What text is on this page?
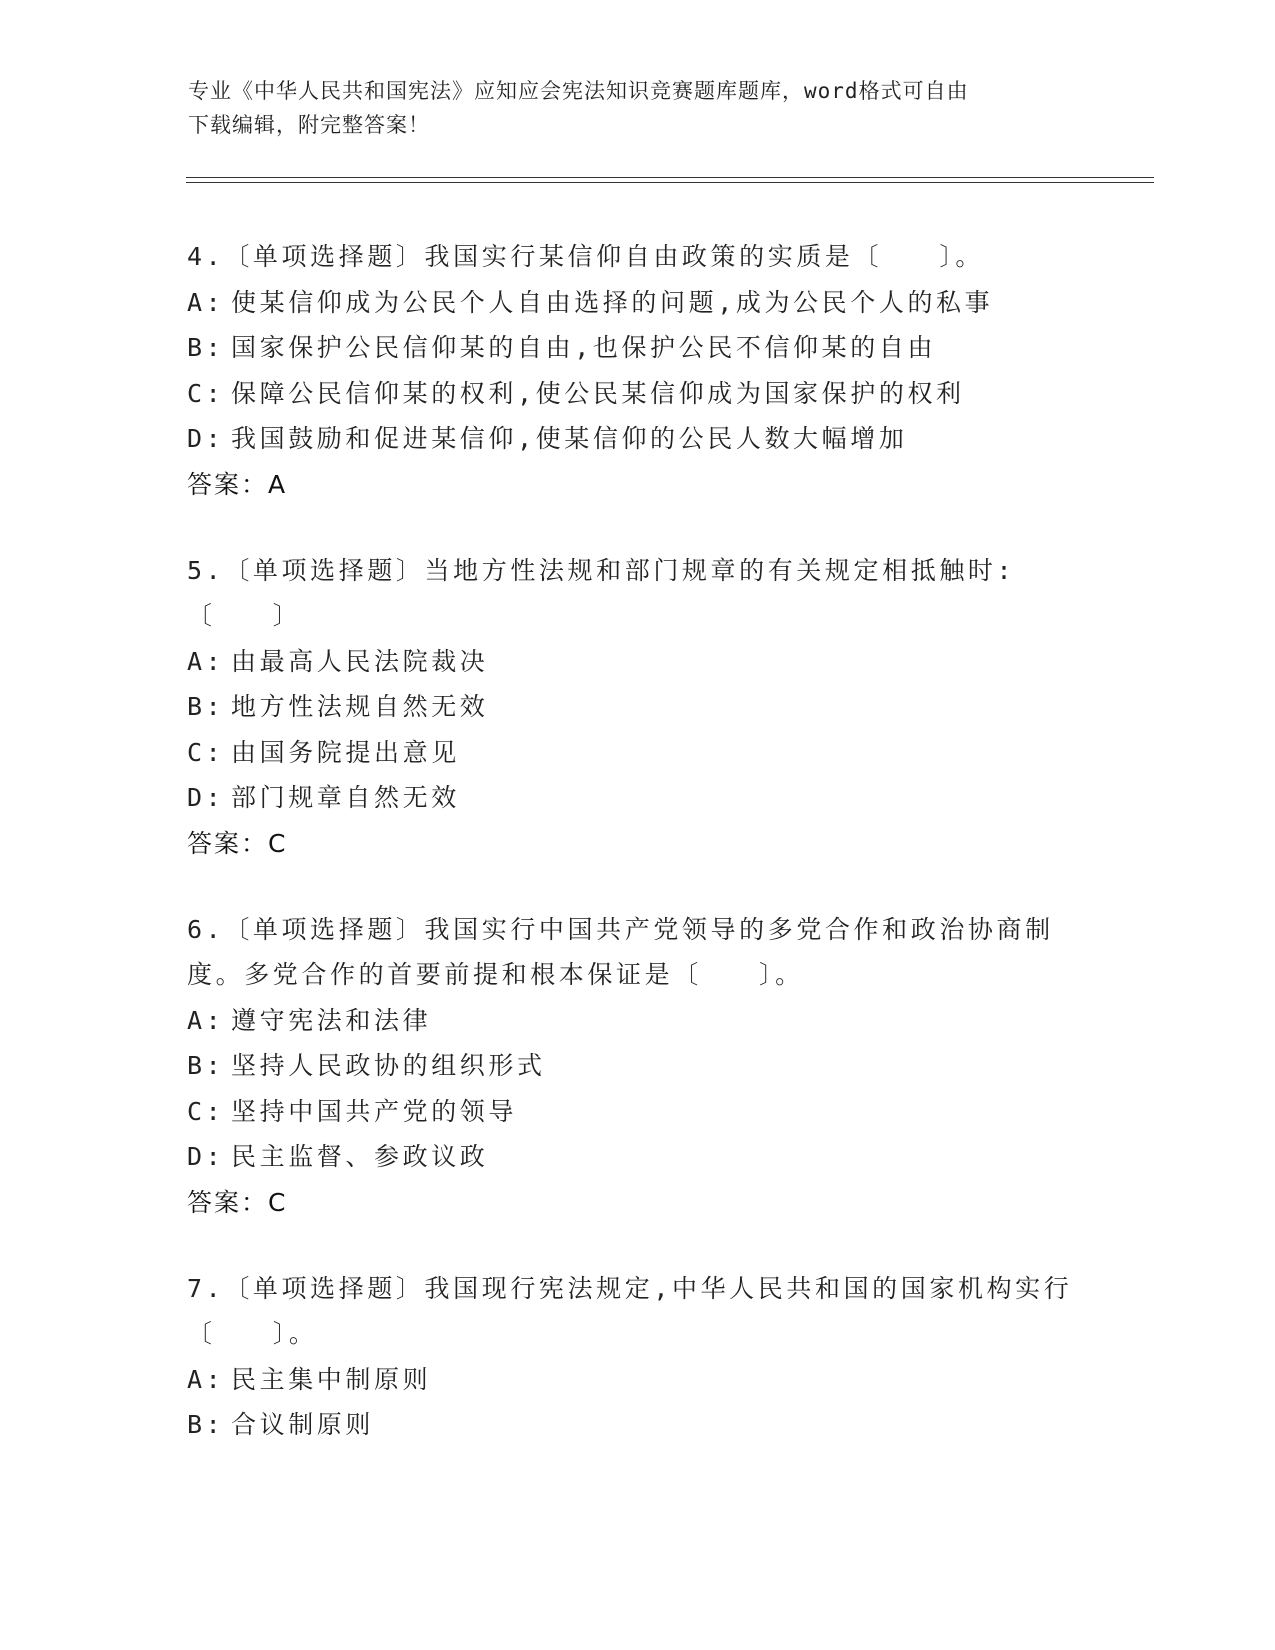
专业《中华人民共和国宪法》应知应会宪法知识竞赛题库题库，word格式可自由
下载编辑，附完整答案！
4.〔单项选择题〕我国实行某信仰自由政策的实质是〔　　〕。
A: 使某信仰成为公民个人自由选择的问题,成为公民个人的私事
B: 国家保护公民信仰某的自由,也保护公民不信仰某的自由
C: 保障公民信仰某的权利,使公民某信仰成为国家保护的权利
D: 我国鼓励和促进某信仰,使某信仰的公民人数大幅增加
答案：A
5.〔单项选择题〕当地方性法规和部门规章的有关规定相抵触时:〔　　〕
A: 由最高人民法院裁决
B: 地方性法规自然无效
C: 由国务院提出意见
D: 部门规章自然无效
答案：C
6.〔单项选择题〕我国实行中国共产党领导的多党合作和政治协商制度。多党合作的首要前提和根本保证是〔　　〕。
A: 遵守宪法和法律
B: 坚持人民政协的组织形式
C: 坚持中国共产党的领导
D: 民主监督、参政议政
答案：C
7.〔单项选择题〕我国现行宪法规定,中华人民共和国的国家机构实行〔　　〕。
A: 民主集中制原则
B: 合议制原则
